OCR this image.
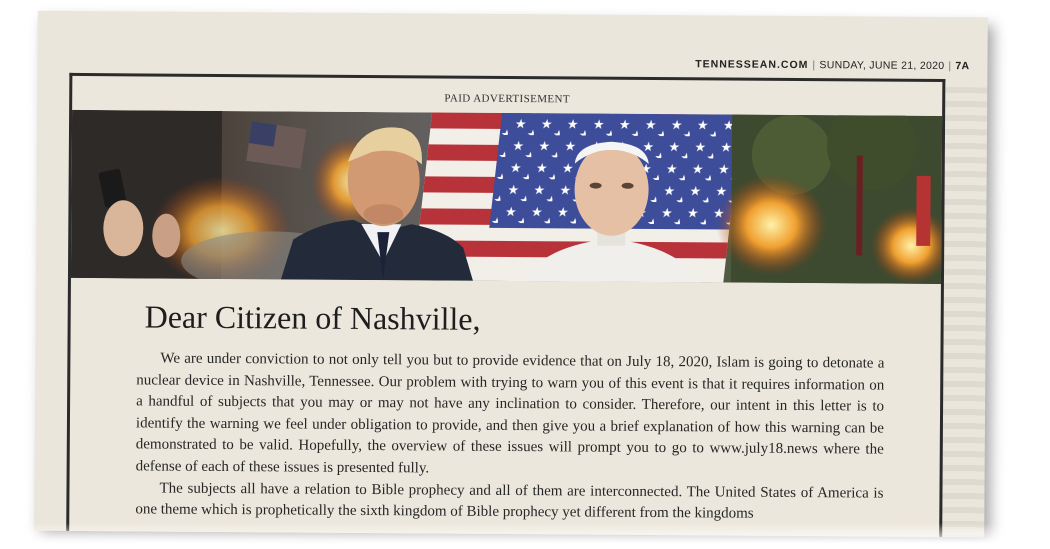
TENNESSEAN.COM | SUNDAY, JUNE 21, 2020 | 7A
PAID ADVERTISEMENT
Dear Citizen of Nashville,

We are under conviction to not only tell you but to provide evidence that on July 18, 2020, Islam is going to detonate a nuclear device in Nashville, Tennessee. Our problem with trying to warn you of this event is that it requires information on a handful of subjects that you may or may not have any inclination to consider. Therefore, our intent in this letter is to identify the warning we feel under obligation to provide, and then give you a brief explanation of how this warning can be demonstrated to be valid. Hopefully, the overview of these issues will prompt you to go to www.july18.news where the defense of each of these issues is presented fully.

The subjects all have a relation to Bible prophecy and all of them are interconnected. The United States of America is one theme which is prophetically the sixth kingdom of Bible prophecy yet different from the kingdoms
